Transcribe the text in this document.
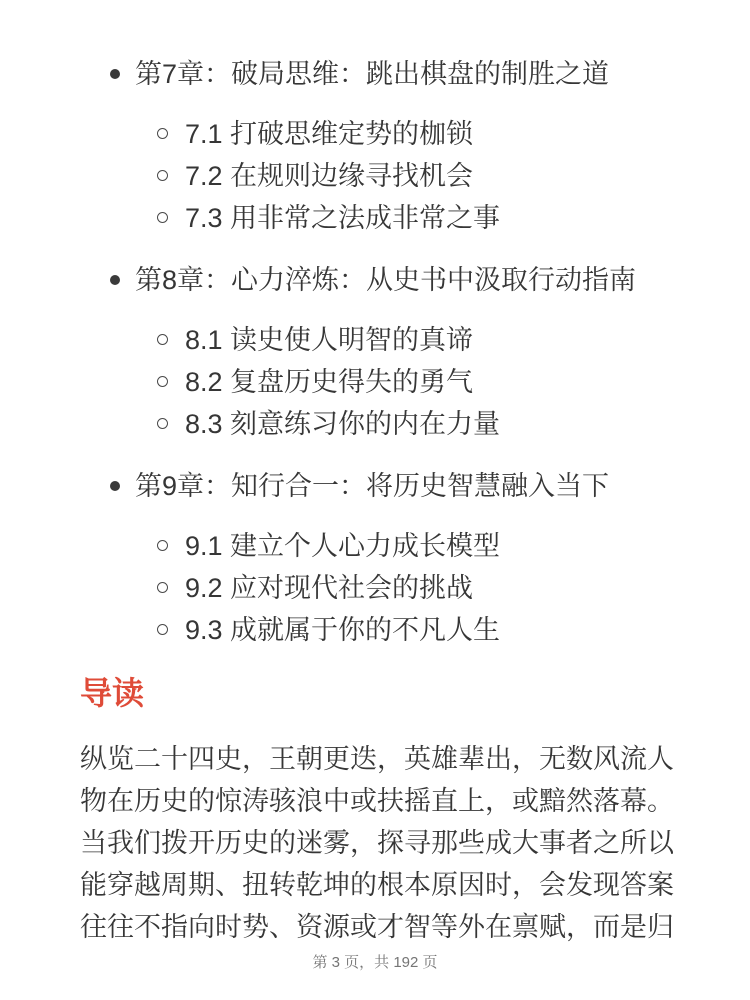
第7章：破局思维：跳出棋盘的制胜之道
7.1 打破思维定势的枷锁
7.2 在规则边缘寻找机会
7.3 用非常之法成非常之事
第8章：心力淬炼：从史书中汲取行动指南
8.1 读史使人明智的真谛
8.2 复盘历史得失的勇气
8.3 刻意练习你的内在力量
第9章：知行合一：将历史智慧融入当下
9.1 建立个人心力成长模型
9.2 应对现代社会的挑战
9.3 成就属于你的不凡人生
导读
纵览二十四史，王朝更迭，英雄辈出，无数风流人
物在历史的惊涛骇浪中或扶摇直上，或黯然落幕。
当我们拨开历史的迷雾，探寻那些成大事者之所以
能穿越周期、扭转乾坤的根本原因时，会发现答案
往往不指向时势、资源或才智等外在禀赋，而是归
第 3 页，共 192 页
